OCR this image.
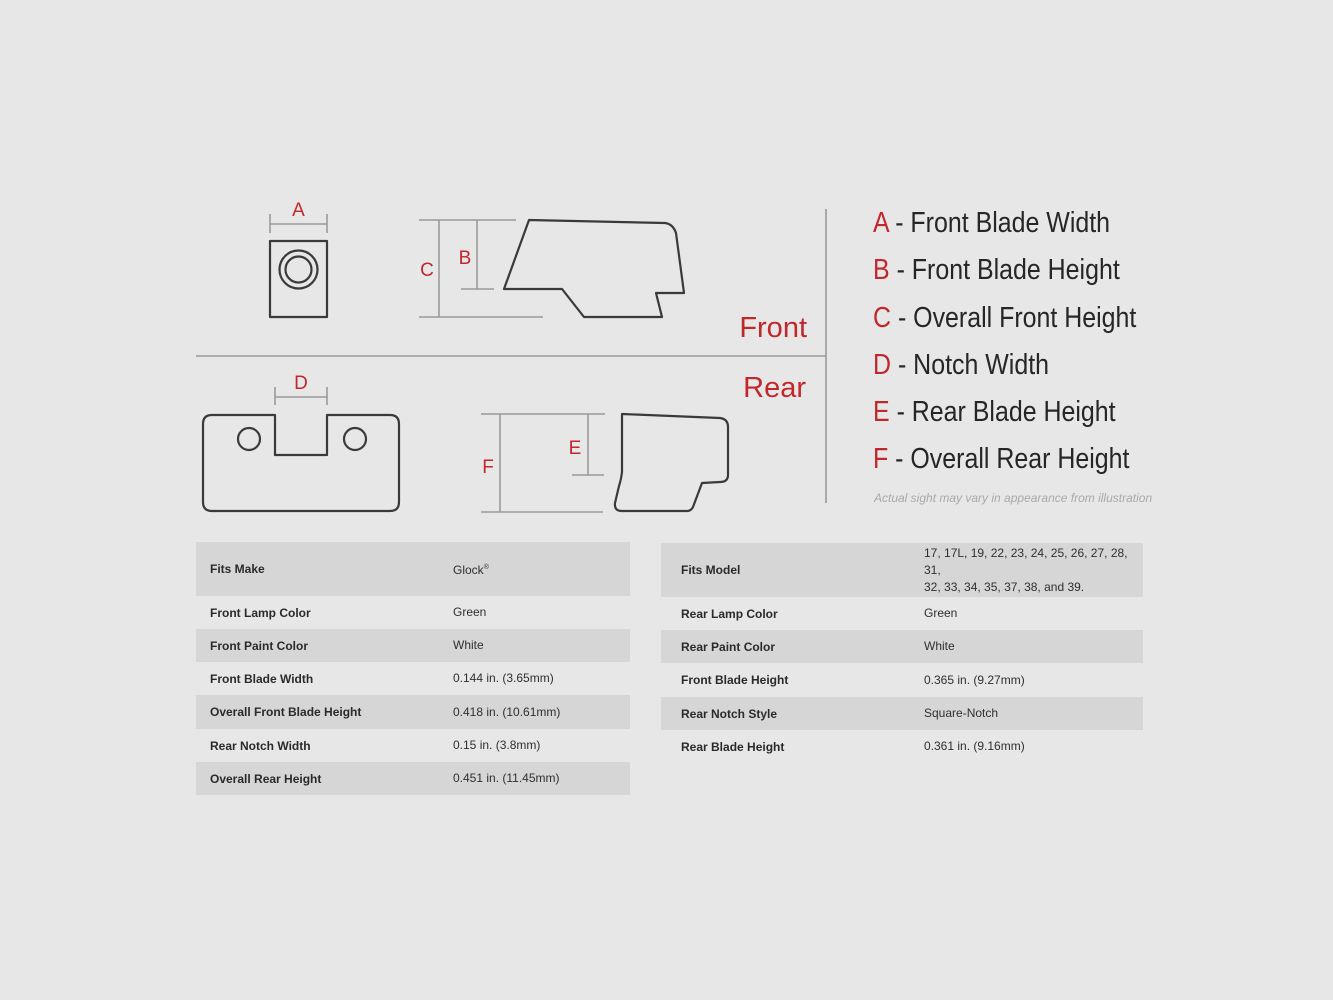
A
C
B
Front
Rear
D
F
E
A - Front Blade Width
B - Front Blade Height
C - Overall Front Height
D - Notch Width
E - Rear Blade Height
F - Overall Rear Height
Actual sight may vary in appearance from illustration
Fits Make	Glock®
Front Lamp Color	Green
Front Paint Color	White
Front Blade Width	0.144 in. (3.65mm)
Overall Front Blade Height	0.418 in. (10.61mm)
Rear Notch Width	0.15 in. (3.8mm)
Overall Rear Height	0.451 in. (11.45mm)
Fits Model	17, 17L, 19, 22, 23, 24, 25, 26, 27, 28, 31,
32, 33, 34, 35, 37, 38, and 39.

Rear Lamp Color	Green
Rear Paint Color	White
Front Blade Height	0.365 in. (9.27mm)
Rear Notch Style	Square-Notch
Rear Blade Height	0.361 in. (9.16mm)
